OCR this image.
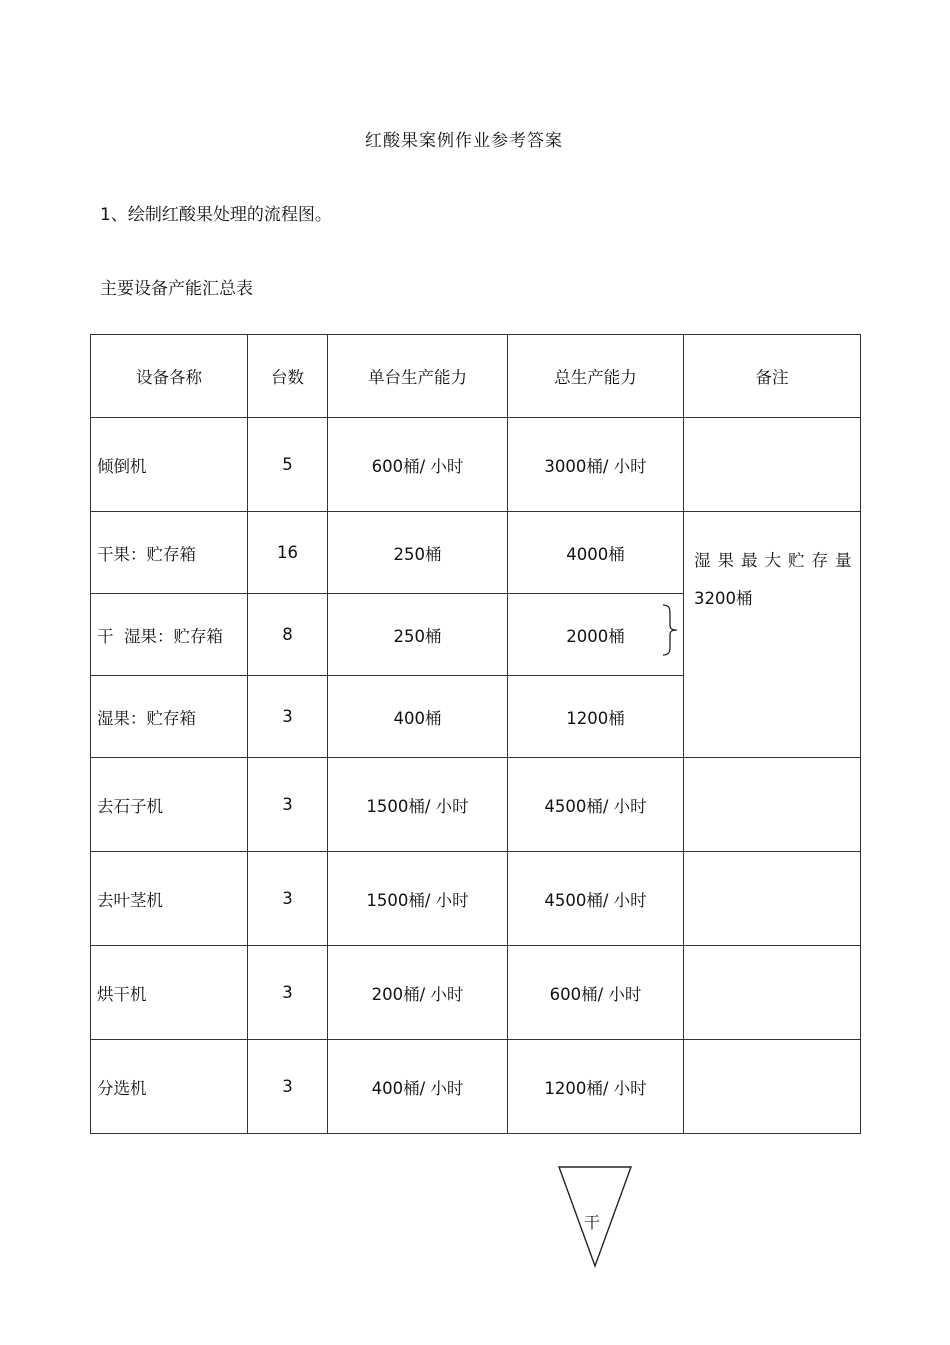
红酸果案例作业参考答案
1、绘制红酸果处理的流程图。
主要设备产能汇总表
设备各称	台数	单台生产能力	总生产能力	备注
倾倒机	5	600桶/ 小时	3000桶/ 小时	
干果：贮存箱	16	250桶	4000桶	湿果最大贮存量
3200桶

干  湿果：贮存箱	8	250桶	2000桶	
湿果：贮存箱	3	400桶	1200桶	
去石子机	3	1500桶/ 小时	4500桶/ 小时	
去叶茎机	3	1500桶/ 小时	4500桶/ 小时	
烘干机	3	200桶/ 小时	600桶/ 小时	
分选机	3	400桶/ 小时	1200桶/ 小时	
干
